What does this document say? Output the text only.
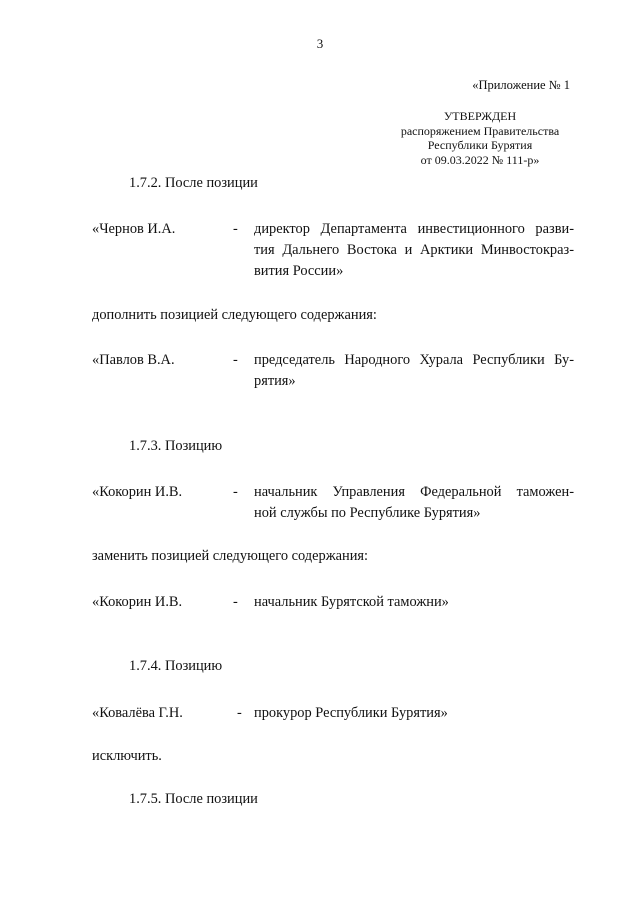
3
«Приложение № 1
УТВЕРЖДЕН
распоряжением Правительства
Республики Бурятия
от 09.03.2022 № 111-р»
1.7.2. После позиции
«Чернов И.А.	- директор Департамента инвестиционного разви-
тия Дальнего Востока и Арктики Минвостокраз-
вития России»
дополнить позицией следующего содержания:
«Павлов В.А.	- председатель Народного Хурала Республики Бу-
рятия»
1.7.3. Позицию
«Кокорин И.В.	- начальник Управления Федеральной таможен-
ной службы по Республике Бурятия»
заменить позицией следующего содержания:
«Кокорин И.В.	- начальник Бурятской таможни»
1.7.4. Позицию
«Ковалёва Г.Н.	- прокурор Республики Бурятия»
исключить.
1.7.5. После позиции
